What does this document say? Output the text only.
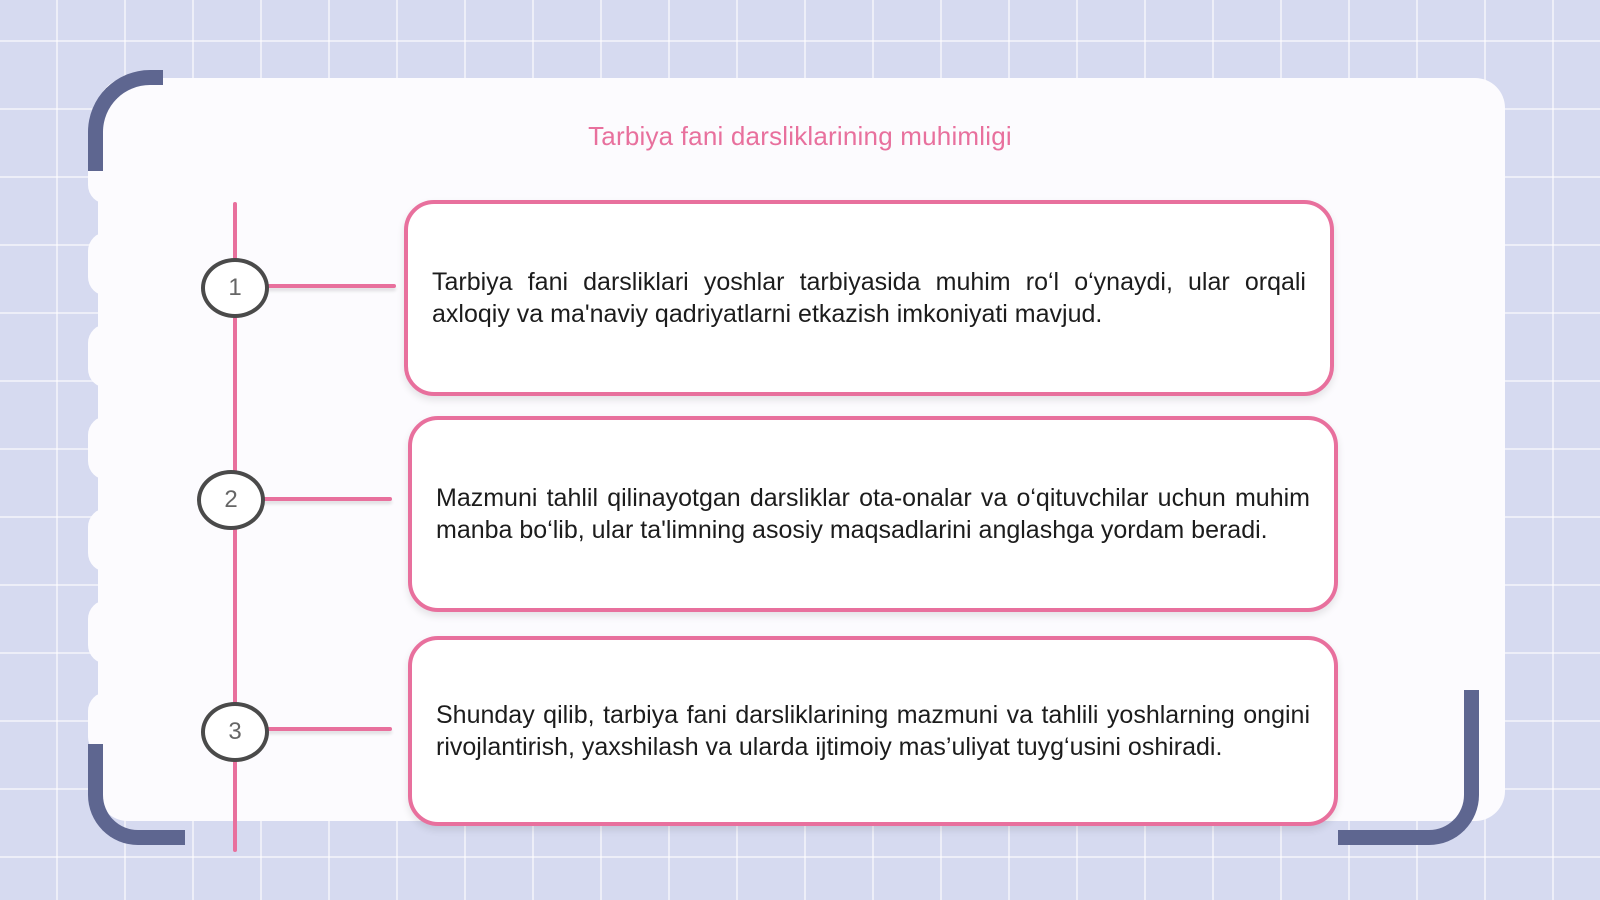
Tarbiya fani darsliklarining muhimligi
1
2
3

Tarbiya fani darsliklari yoshlar tarbiyasida muhim ro‘l o‘ynaydi, ular orqali axloqiy va ma'naviy qadriyatlarni etkazish imkoniyati mavjud.

Mazmuni tahlil qilinayotgan darsliklar ota-onalar va o‘qituvchilar uchun muhim manba bo‘lib, ular ta'limning asosiy maqsadlarini anglashga yordam beradi.

Shunday qilib, tarbiya fani darsliklarining mazmuni va tahlili yoshlarning ongini rivojlantirish, yaxshilash va ularda ijtimoiy mas’uliyat tuyg‘usini oshiradi.
